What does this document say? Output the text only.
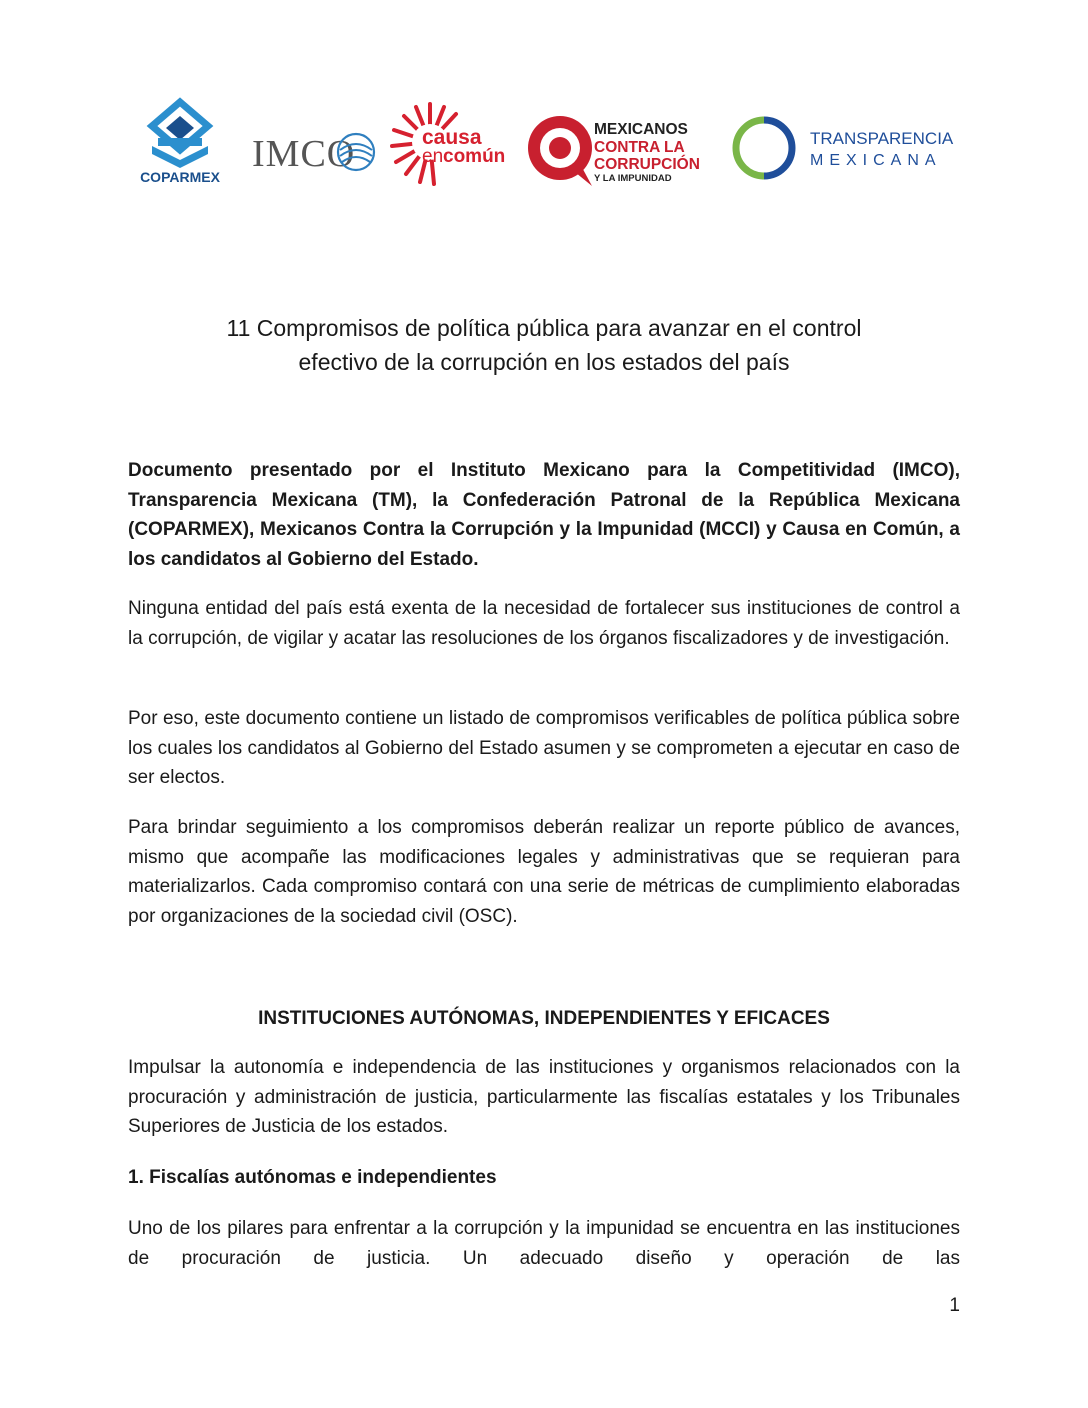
COPARMEX
IMCO	causa
en común
MEXICANOS
CONTRA LA
CORRUPCIÓN
Y LA IMPUNIDAD
TRANSPARENCIA
MEXICANA
11 Compromisos de política pública para avanzar en el control
efectivo de la corrupción en los estados del país

Documento presentado por el Instituto Mexicano para la Competitividad (IMCO), Transparencia Mexicana (TM), la Confederación Patronal de la República Mexicana (COPARMEX), Mexicanos Contra la Corrupción y la Impunidad (MCCI) y Causa en Común, a los candidatos al Gobierno del Estado.

Ninguna entidad del país está exenta de la necesidad de fortalecer sus instituciones de control a la corrupción, de vigilar y acatar las resoluciones de los órganos fiscalizadores y de investigación.

Por eso, este documento contiene un listado de compromisos verificables de política pública sobre los cuales los candidatos al Gobierno del Estado asumen y se comprometen a ejecutar en caso de ser electos.

Para brindar seguimiento a los compromisos deberán realizar un reporte público de avances, mismo que acompañe las modificaciones legales y administrativas que se requieran para materializarlos. Cada compromiso contará con una serie de métricas de cumplimiento elaboradas por organizaciones de la sociedad civil (OSC).

INSTITUCIONES AUTÓNOMAS, INDEPENDIENTES Y EFICACES

Impulsar la autonomía e independencia de las instituciones y organismos relacionados con la procuración y administración de justicia, particularmente las fiscalías estatales y los Tribunales Superiores de Justicia de los estados.

1. Fiscalías autónomas e independientes

Uno de los pilares para enfrentar a la corrupción y la impunidad se encuentra en las instituciones de procuración de justicia. Un adecuado diseño y operación de las

1
